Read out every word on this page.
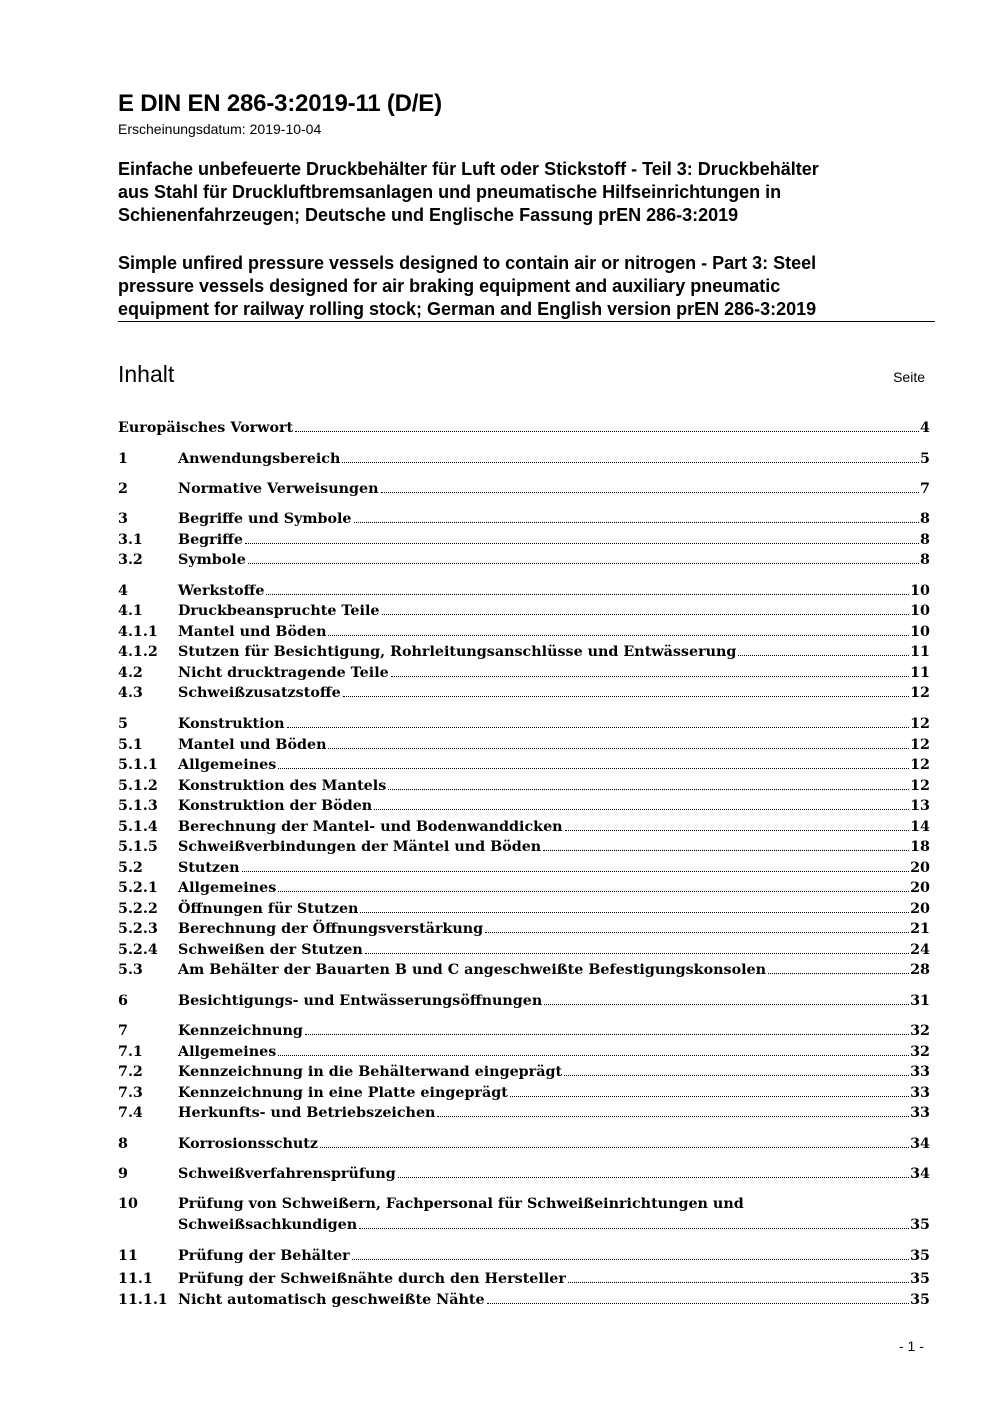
E DIN EN 286-3:2019-11 (D/E)
Erscheinungsdatum: 2019-10-04
Einfache unbefeuerte Druckbehälter für Luft oder Stickstoff - Teil 3: Druckbehälter
aus Stahl für Druckluftbremsanlagen und pneumatische Hilfseinrichtungen in
Schienenfahrzeugen; Deutsche und Englische Fassung prEN 286-3:2019
Simple unfired pressure vessels designed to contain air or nitrogen - Part 3: Steel
pressure vessels designed for air braking equipment and auxiliary pneumatic
equipment for railway rolling stock; German and English version prEN 286-3:2019
Inhalt	Seite
Europäisches Vorwort	4
1	Anwendungsbereich	5
2	Normative Verweisungen	7
3	Begriffe und Symbole	8
3.1 Begriffe	8
3.2 Symbole	8
4	Werkstoffe	10
4.1 Druckbeanspruchte Teile	10
4.1.1 Mantel und Böden	10
4.1.2 Stutzen für Besichtigung, Rohrleitungsanschlüsse und Entwässerung	11
4.2 Nicht drucktragende Teile	11
4.3 Schweißzusatzstoffe	12
5	Konstruktion	12
5.1 Mantel und Böden	12
5.1.1 Allgemeines	12
5.1.2 Konstruktion des Mantels	12
5.1.3 Konstruktion der Böden	13
5.1.4 Berechnung der Mantel- und Bodenwanddicken	14
5.1.5 Schweißverbindungen der Mäntel und Böden	18
5.2 Stutzen	20
5.2.1 Allgemeines	20
5.2.2 Öffnungen für Stutzen	20
5.2.3 Berechnung der Öffnungsverstärkung	21
5.2.4 Schweißen der Stutzen	24
5.3 Am Behälter der Bauarten B und C angeschweißte Befestigungskonsolen	28
6	Besichtigungs- und Entwässerungsöffnungen	31
7	Kennzeichnung	32
7.1 Allgemeines	32
7.2 Kennzeichnung in die Behälterwand eingeprägt	33
7.3 Kennzeichnung in eine Platte eingeprägt	33
7.4 Herkunfts- und Betriebszeichen	33
8	Korrosionsschutz	34
9	Schweißverfahrensprüfung	34
10	Prüfung von Schweißern, Fachpersonal für Schweißeinrichtungen und
Schweißsachkundigen	35
11	Prüfung der Behälter	35
11.1 Prüfung der Schweißnähte durch den Hersteller	35
11.1.1 Nicht automatisch geschweißte Nähte	35
- 1 -
